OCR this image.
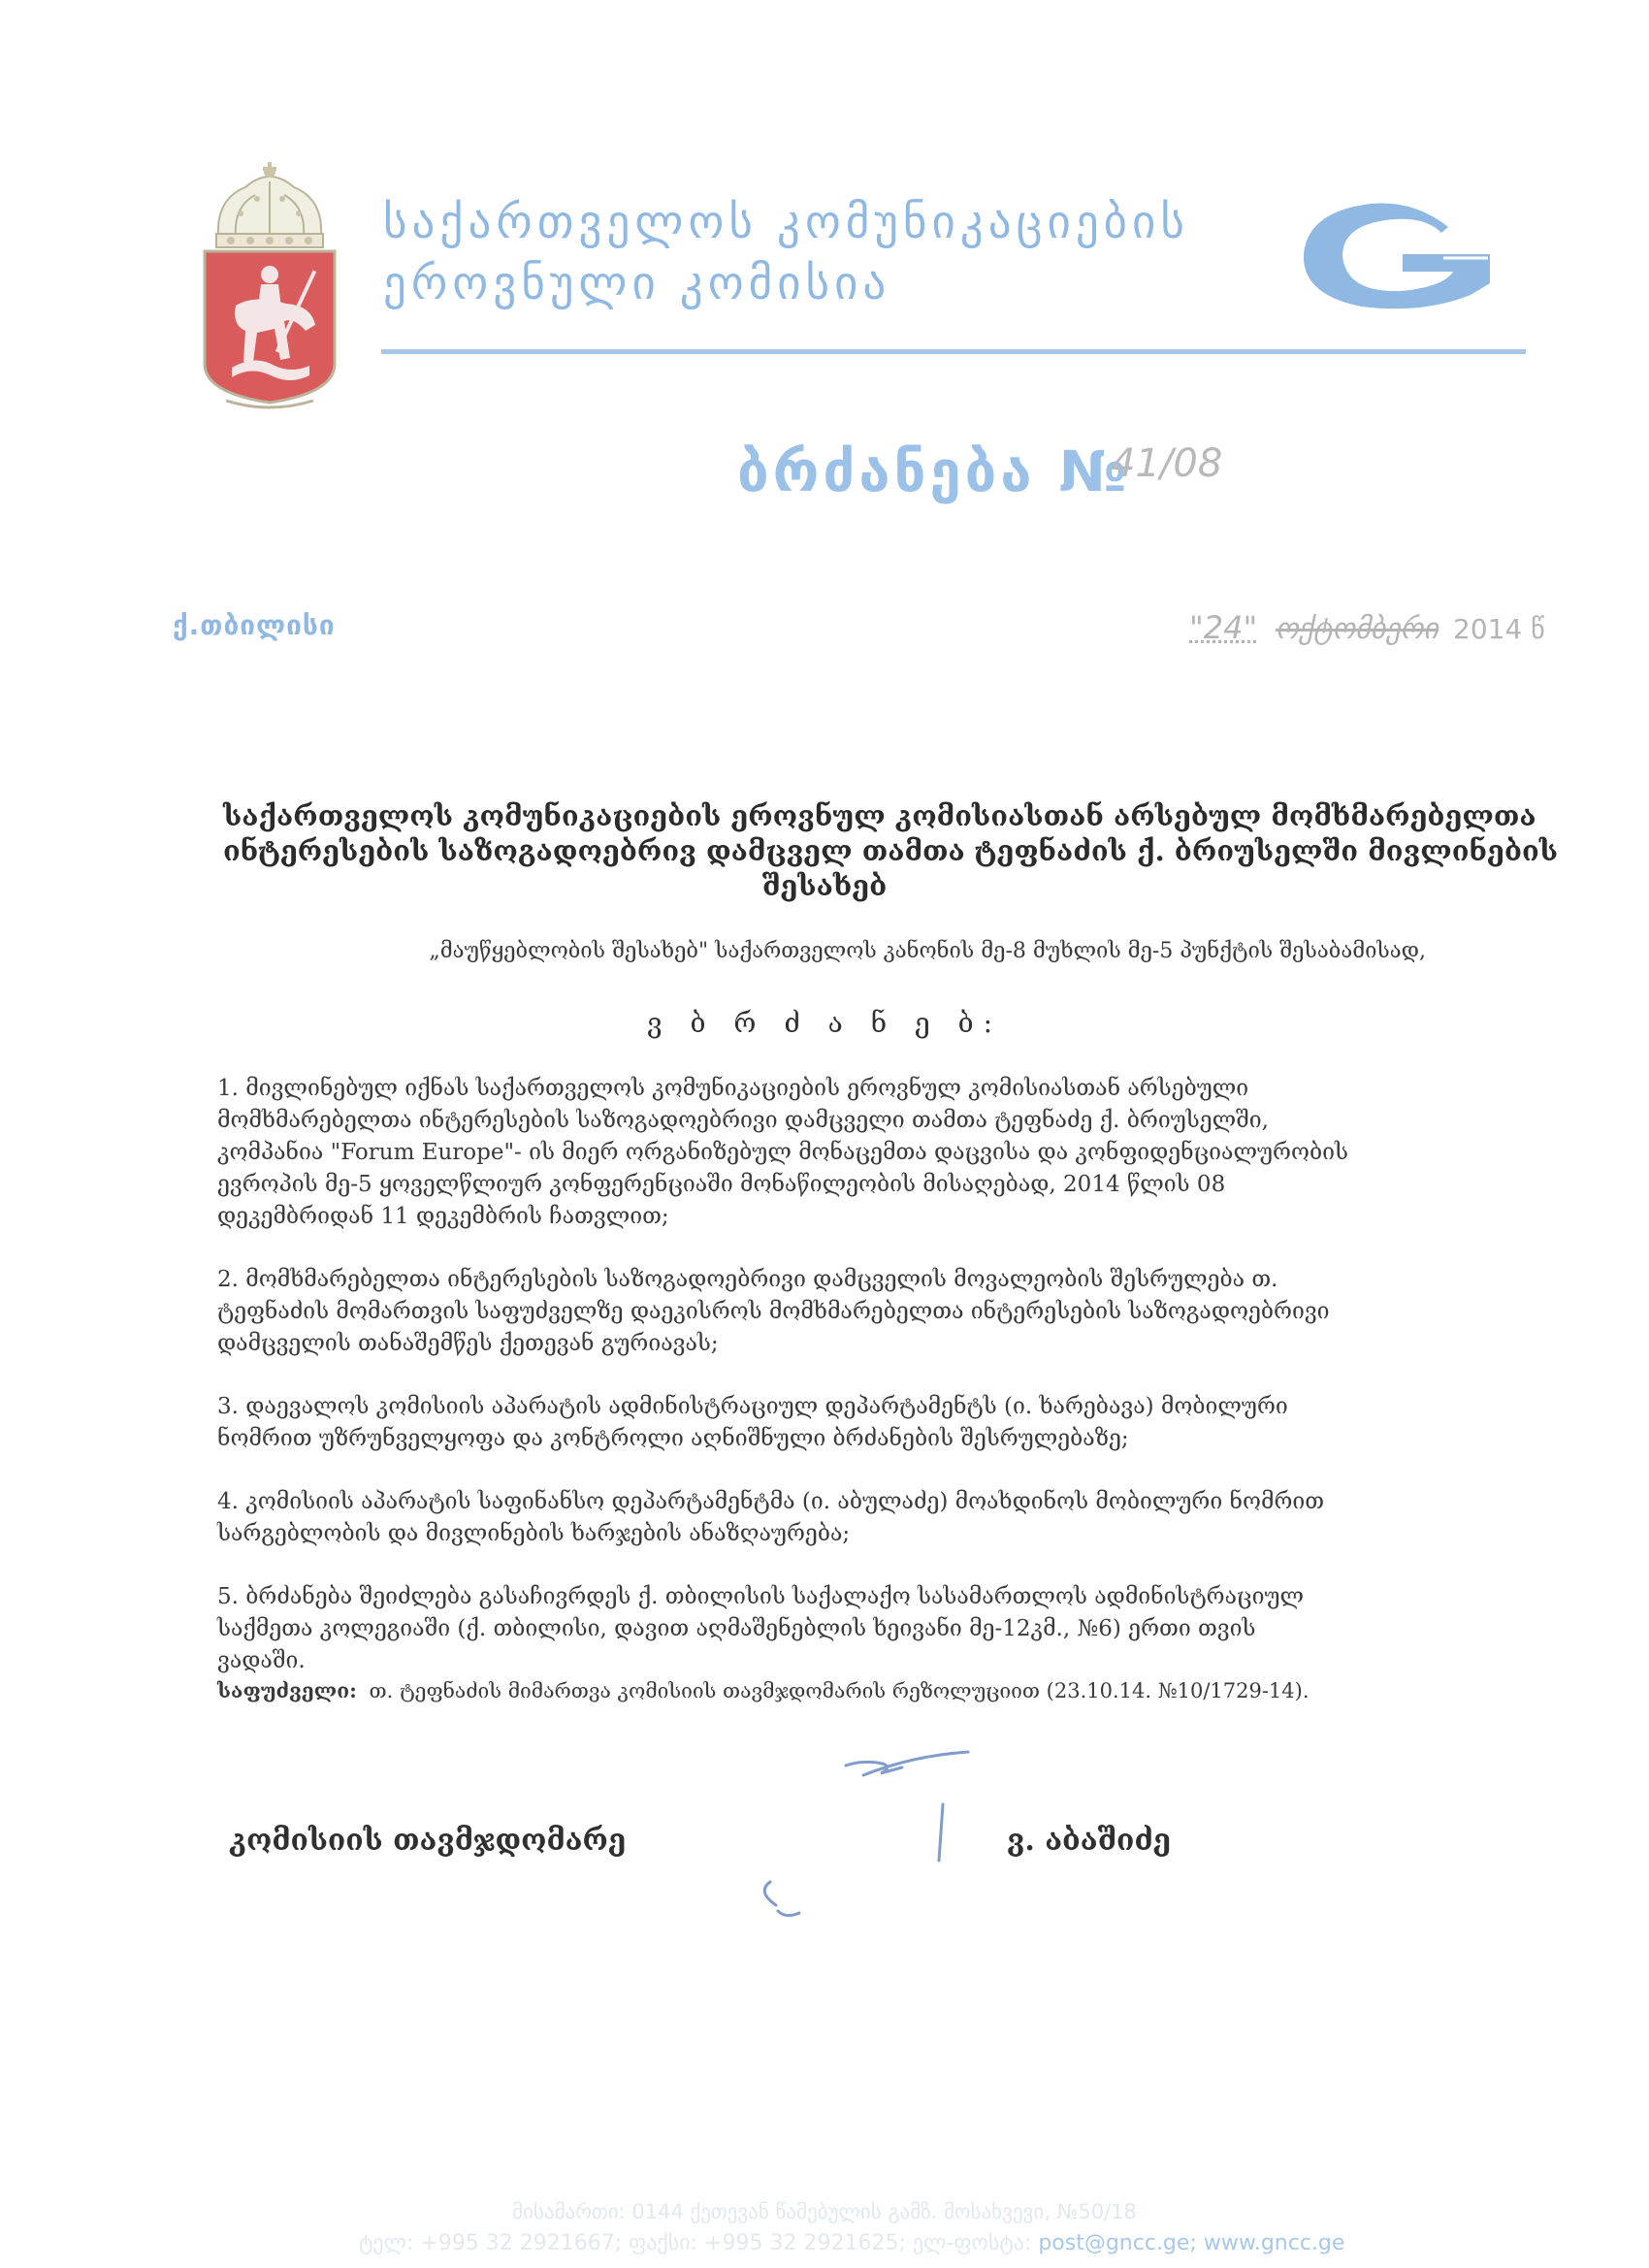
საქართველოს კომუნიკაციების
ეროვნული კომისია
ბრძანება №
41/08
ქ.თბილისი	"24" ოქტომბერი 2014 წ
საქართველოს კომუნიკაციების ეროვნულ კომისიასთან არსებულ მომხმარებელთა
ინტერესების საზოგადოებრივ დამცველ თამთა ტეფნაძის ქ. ბრიუსელში მივლინების
შესახებ
„მაუწყებლობის შესახებ" საქართველოს კანონის მე-8 მუხლის მე-5 პუნქტის შესაბამისად,
ვ ბ რ ძ ა ნ ე ბ:
1. მივლინებულ იქნას საქართველოს კომუნიკაციების ეროვნულ კომისიასთან არსებული
მომხმარებელთა ინტერესების საზოგადოებრივი დამცველი თამთა ტეფნაძე ქ. ბრიუსელში,
კომპანია "Forum Europe"- ის მიერ ორგანიზებულ მონაცემთა დაცვისა და კონფიდენციალურობის
ევროპის მე-5 ყოველწლიურ კონფერენციაში მონაწილეობის მისაღებად, 2014 წლის 08
დეკემბრიდან 11 დეკემბრის ჩათვლით;
2. მომხმარებელთა ინტერესების საზოგადოებრივი დამცველის მოვალეობის შესრულება თ.
ტეფნაძის მომართვის საფუძველზე დაეკისროს მომხმარებელთა ინტერესების საზოგადოებრივი
დამცველის თანაშემწეს ქეთევან გურიავას;
3. დაევალოს კომისიის აპარატის ადმინისტრაციულ დეპარტამენტს (ი. ხარებავა) მობილური
ნომრით უზრუნველყოფა და კონტროლი აღნიშნული ბრძანების შესრულებაზე;
4. კომისიის აპარატის საფინანსო დეპარტამენტმა (ი. აბულაძე) მოახდინოს მობილური ნომრით
სარგებლობის და მივლინების ხარჯების ანაზღაურება;
5. ბრძანება შეიძლება გასაჩივრდეს ქ. თბილისის საქალაქო სასამართლოს ადმინისტრაციულ
საქმეთა კოლეგიაში (ქ. თბილისი, დავით აღმაშენებლის ხეივანი მე-12კმ., №6) ერთი თვის
ვადაში.
საფუძველი: თ. ტეფნაძის მიმართვა კომისიის თავმჯდომარის რეზოლუციით (23.10.14. №10/1729-14).
კომისიის თავმჯდომარე	ვ. აბაშიძე
მისამართი: 0144 ქეთევან წამებულის გამზ. მოსახვევი, №50/18
ტელ: +995 32 2921667; ფაქსი: +995 32 2921625; ელ-ფოსტა: post@gncc.ge; www.gncc.ge
